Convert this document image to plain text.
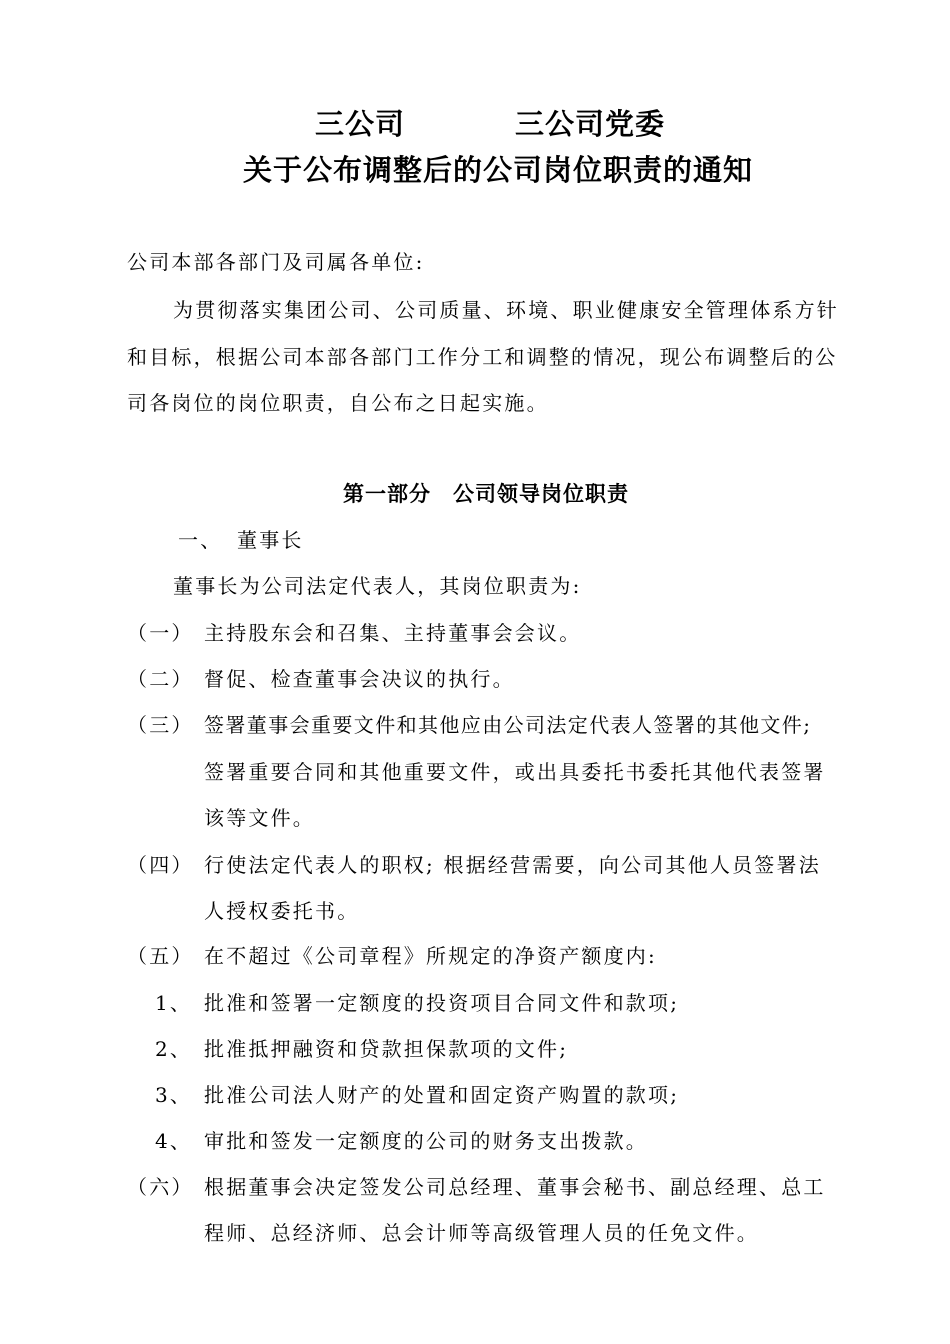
三公司	三公司党委
关于公布调整后的公司岗位职责的通知
公司本部各部门及司属各单位:
为贯彻落实集团公司、公司质量、环境、职业健康安全管理体系方针
和目标，根据公司本部各部门工作分工和调整的情况，现公布调整后的公
司各岗位的岗位职责，自公布之日起实施。
第一部分　公司领导岗位职责
一、 董事长
董事长为公司法定代表人，其岗位职责为:
（一） 主持股东会和召集、主持董事会会议。
（二） 督促、检查董事会决议的执行。
（三） 签署董事会重要文件和其他应由公司法定代表人签署的其他文件;
签署重要合同和其他重要文件，或出具委托书委托其他代表签署
该等文件。
（四） 行使法定代表人的职权; 根据经营需要，向公司其他人员签署法
人授权委托书。
（五） 在不超过《公司章程》所规定的净资产额度内:
1、 批准和签署一定额度的投资项目合同文件和款项;
2、 批准抵押融资和贷款担保款项的文件;
3、 批准公司法人财产的处置和固定资产购置的款项;
4、 审批和签发一定额度的公司的财务支出拨款。
（六） 根据董事会决定签发公司总经理、董事会秘书、副总经理、总工
程师、总经济师、总会计师等高级管理人员的任免文件。
